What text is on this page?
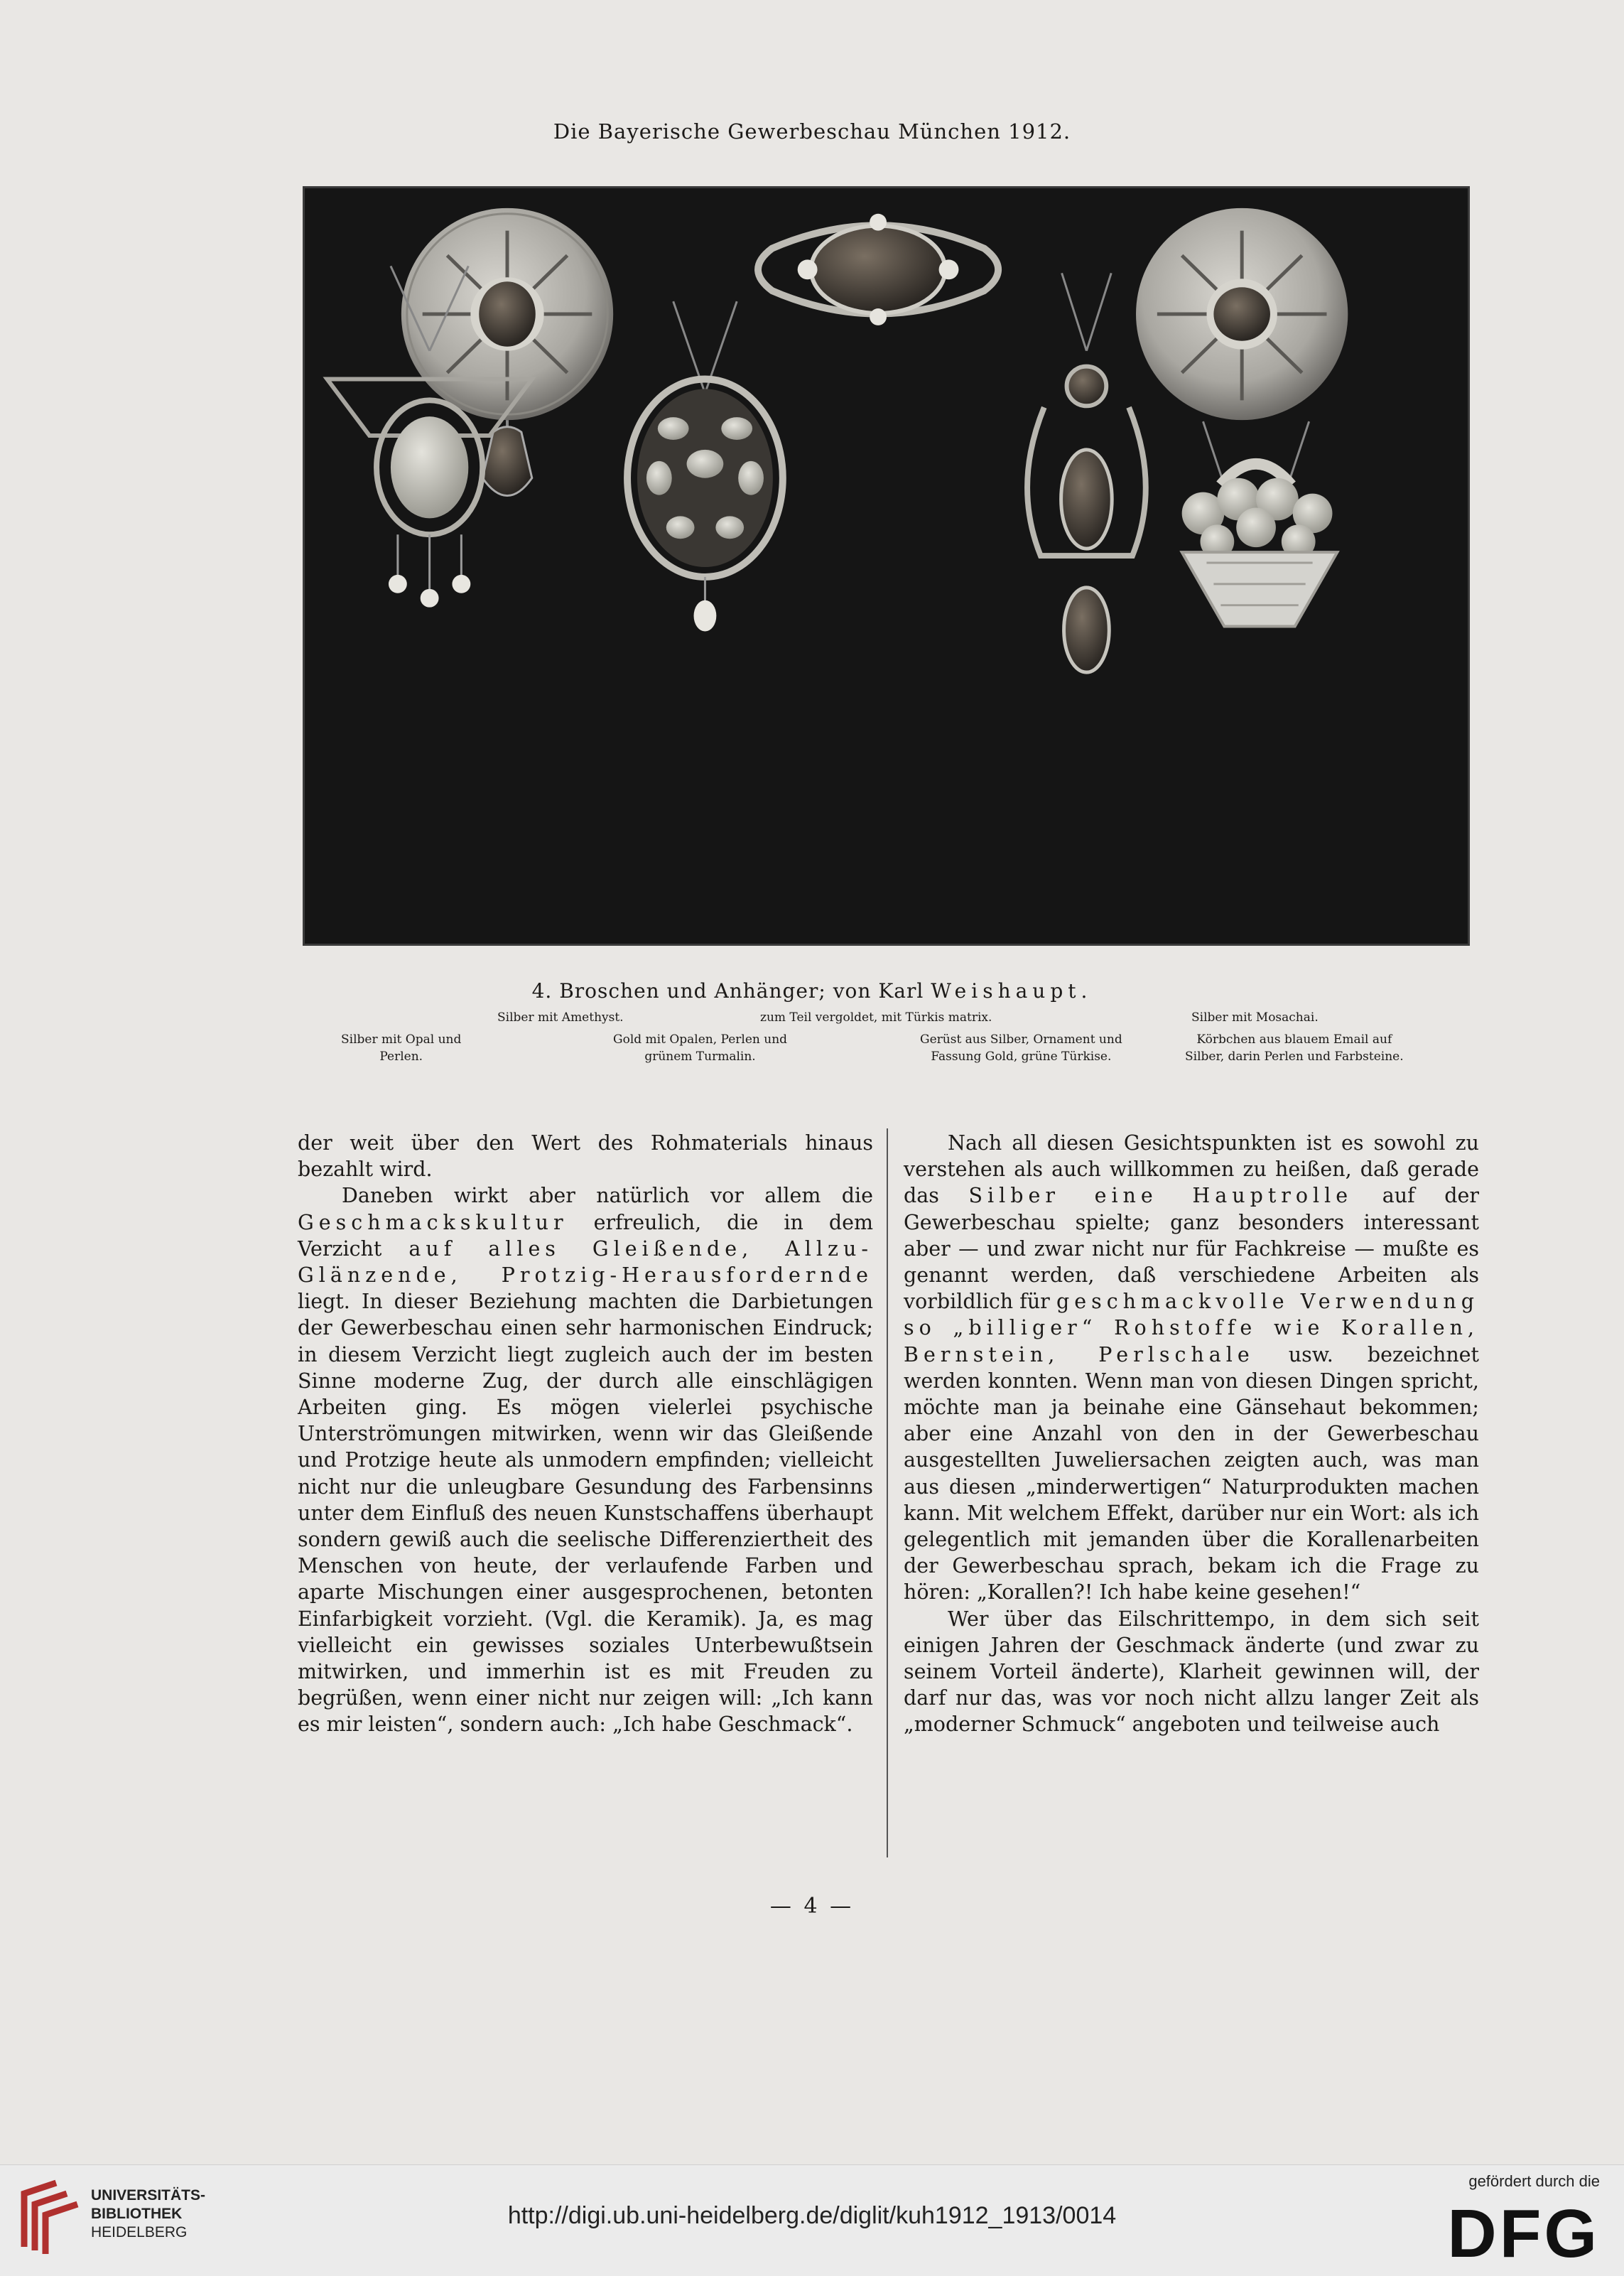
Die Bayerische Gewerbeschau München 1912.
4. Broschen und Anhänger; von Karl Weishaupt.
Silber mit Amethyst.	zum Teil vergoldet, mit Türkis matrix.	Silber mit Mosachai.
Silber mit Opal und
Perlen.
Gold mit Opalen, Perlen und
grünem Turmalin.
Gerüst aus Silber, Ornament und
Fassung Gold, grüne Türkise.
Körbchen aus blauem Email auf
Silber, darin Perlen und Farbsteine.

der weit über den Wert des Rohmaterials hinaus bezahlt wird.

Daneben wirkt aber natürlich vor allem die Geschmackskultur erfreulich, die in dem Verzicht auf alles Gleißende, Allzu-Glänzende, Protzig-Herausfordernde liegt. In dieser Beziehung machten die Darbietungen der Gewerbeschau einen sehr harmonischen Eindruck; in diesem Verzicht liegt zugleich auch der im besten Sinne moderne Zug, der durch alle einschlägigen Arbeiten ging. Es mögen vielerlei psychische Unterströmungen mitwirken, wenn wir das Gleißende und Protzige heute als unmodern empfinden; vielleicht nicht nur die unleugbare Gesundung des Farbensinns unter dem Einfluß des neuen Kunstschaffens überhaupt sondern gewiß auch die seelische Differenziertheit des Menschen von heute, der verlaufende Farben und aparte Mischungen einer ausgesprochenen, betonten Einfarbigkeit vorzieht. (Vgl. die Keramik). Ja, es mag vielleicht ein gewisses soziales Unterbewußtsein mitwirken, und immerhin ist es mit Freuden zu begrüßen, wenn einer nicht nur zeigen will: „Ich kann es mir leisten“, sondern auch: „Ich habe Geschmack“.

Nach all diesen Gesichtspunkten ist es sowohl zu verstehen als auch willkommen zu heißen, daß gerade das Silber eine Hauptrolle auf der Gewerbeschau spielte; ganz besonders interessant aber — und zwar nicht nur für Fachkreise — mußte es genannt werden, daß verschiedene Arbeiten als vorbildlich für geschmackvolle Verwendung so „billiger“ Rohstoffe wie Korallen, Bernstein, Perlschale usw. bezeichnet werden konnten. Wenn man von diesen Dingen spricht, möchte man ja beinahe eine Gänsehaut bekommen; aber eine Anzahl von den in der Gewerbeschau ausgestellten Juweliersachen zeigten auch, was man aus diesen „minderwertigen“ Naturprodukten machen kann. Mit welchem Effekt, darüber nur ein Wort: als ich gelegentlich mit jemanden über die Korallenarbeiten der Gewerbeschau sprach, bekam ich die Frage zu hören: „Korallen?! Ich habe keine gesehen!“

Wer über das Eilschrittempo, in dem sich seit einigen Jahren der Geschmack änderte (und zwar zu seinem Vorteil änderte), Klarheit gewinnen will, der darf nur das, was vor noch nicht allzu langer Zeit als „moderner Schmuck“ angeboten und teilweise auch

— 4 —
UNIVERSITÄTS-
BIBLIOTHEK
HEIDELBERG
http://digi.ub.uni-heidelberg.de/diglit/kuh1912_1913/0014
gefördert durch die
DFG
